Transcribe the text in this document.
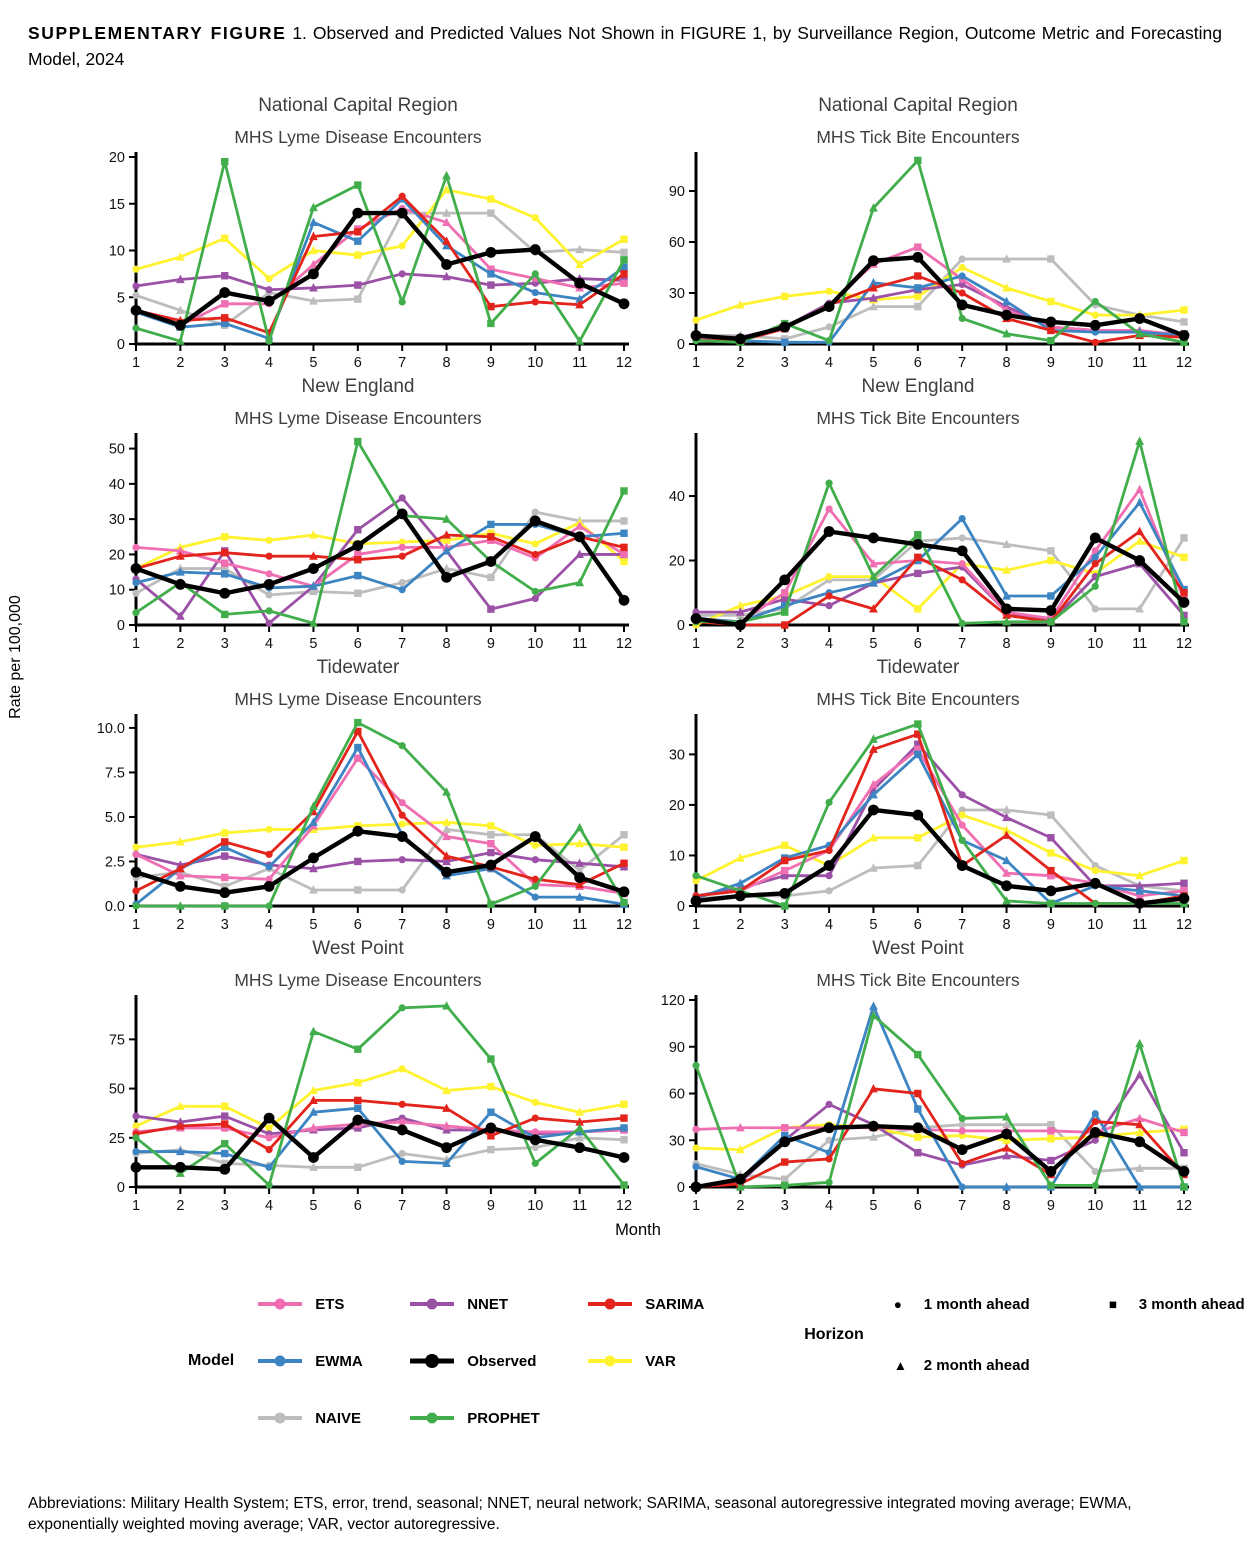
SUPPLEMENTARY FIGURE 1. Observed and Predicted Values Not Shown in FIGURE 1, by Surveillance Region, Outcome Metric and Forecasting Model, 2024
Rate per 100,000
National Capital Region
MHS Lyme Disease Encounters
0
5
10
15
20
1	2	3	4	5	6	7	8	9 10 11 12
National Capital Region
MHS Tick Bite Encounters
0
30
60
90
1	2	3	4	5	6	7	8	9 10 11 12
New England
MHS Lyme Disease Encounters
0
10
20
30
40
50
1	2	3	4	5	6	7	8	9 10 11 12
New England
MHS Tick Bite Encounters
0
20
40
1	2	3	4	5	6	7	8	9 10 11 12
Tidewater
MHS Lyme Disease Encounters
0.0
2.5
5.0
7.5
10.0
1	2	3	4	5	6	7	8	9 10 11 12
Tidewater
MHS Tick Bite Encounters
0
10
20
30
1	2	3	4	5	6	7	8	9 10 11 12
West Point
MHS Lyme Disease Encounters
0
25
50
75
1	2	3	4	5	6	7	8	9 10 11 12
West Point
MHS Tick Bite Encounters
0
30
60
90
120
1	2	3	4	5	6	7	8	9 10 11 12
Month
Model
ETS	NNET	SARIMA
EWMA	Observed	VAR
NAIVE	PROPHET
Horizon
●	1 month ahead	■	3 month ahead
▲	2 month ahead
Abbreviations: Military Health System; ETS, error, trend, seasonal; NNET, neural network; SARIMA, seasonal autoregressive integrated moving average; EWMA, exponentially weighted moving average; VAR, vector autoregressive.
